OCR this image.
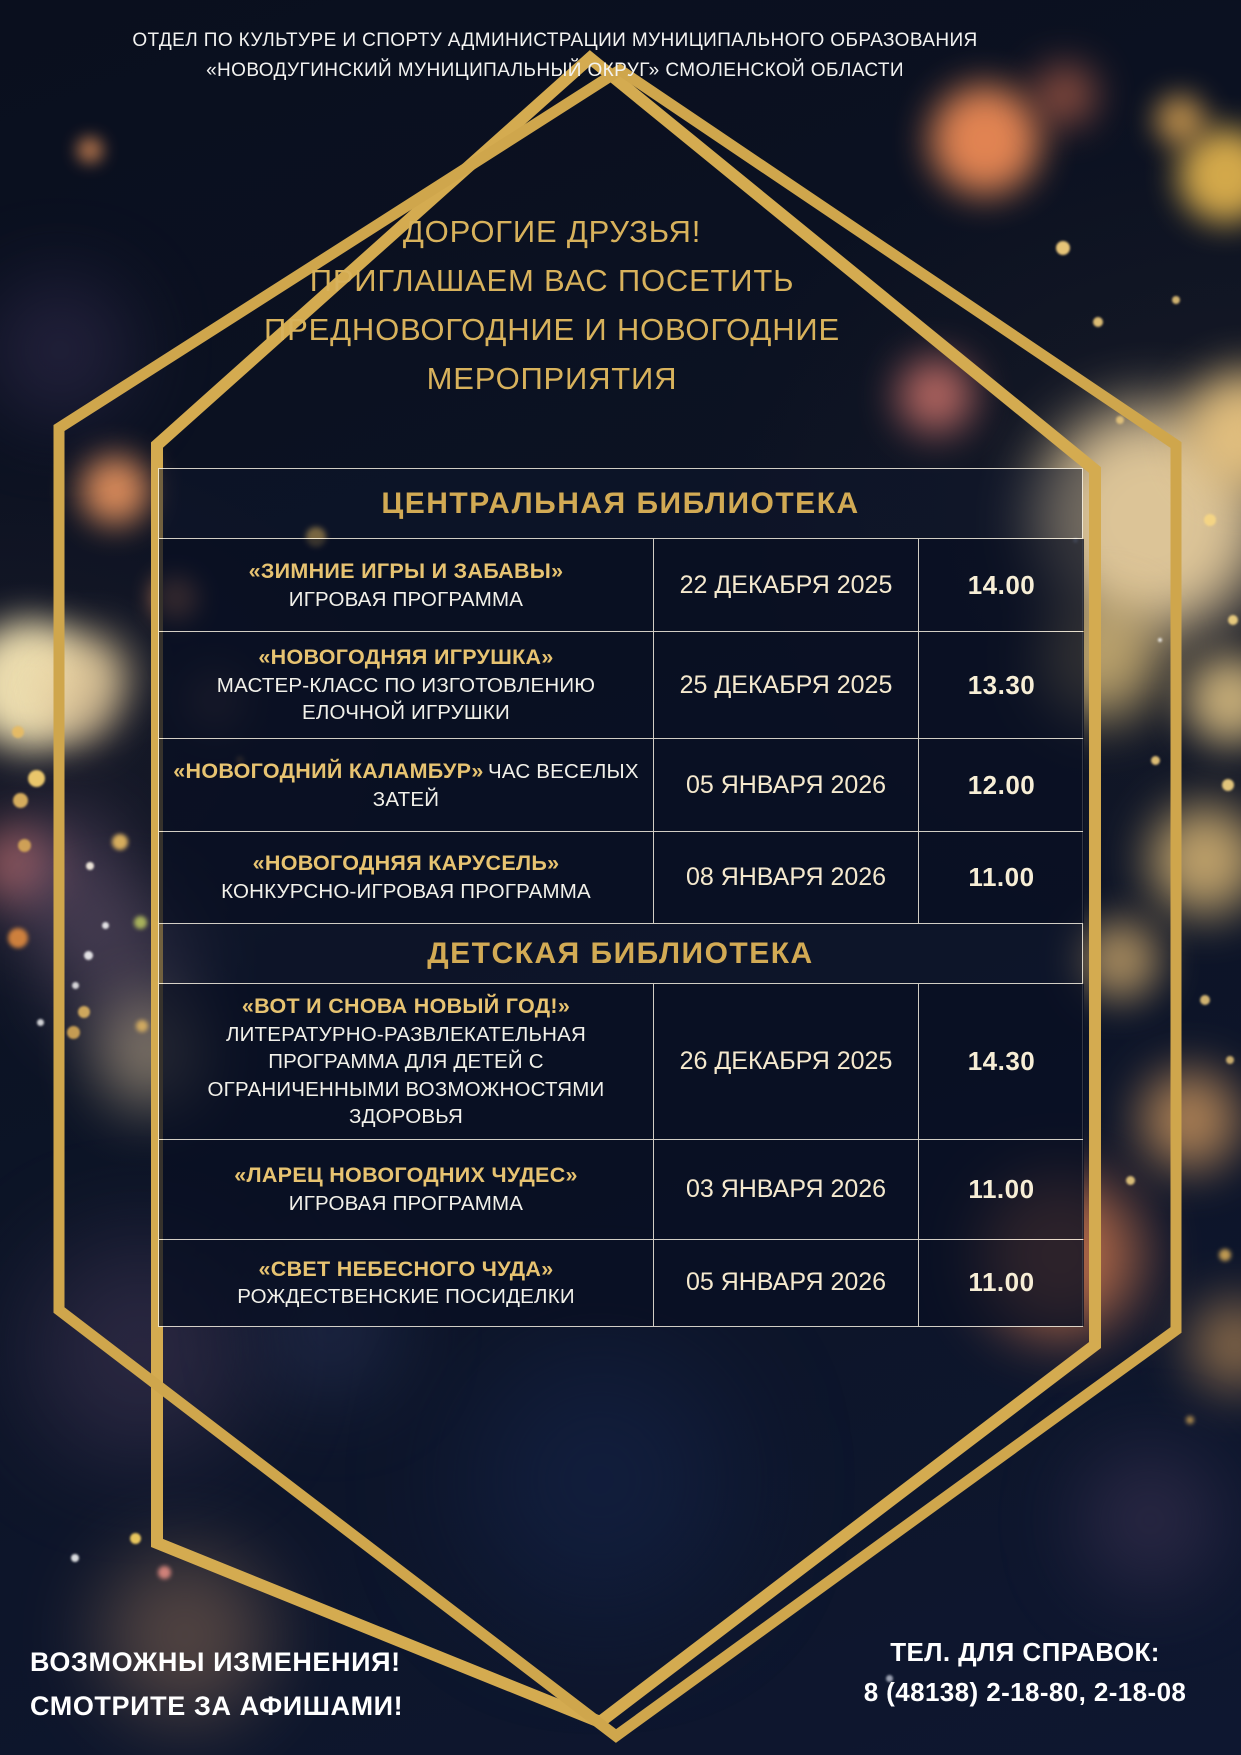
ОТДЕЛ ПО КУЛЬТУРЕ И СПОРТУ АДМИНИСТРАЦИИ МУНИЦИПАЛЬНОГО ОБРАЗОВАНИЯ
«НОВОДУГИНСКИЙ МУНИЦИПАЛЬНЫЙ ОКРУГ» СМОЛЕНСКОЙ ОБЛАСТИ
ДОРОГИЕ ДРУЗЬЯ!
ПРИГЛАШАЕМ ВАС ПОСЕТИТЬ
ПРЕДНОВОГОДНИЕ И НОВОГОДНИЕ
МЕРОПРИЯТИЯ
ЦЕНТРАЛЬНАЯ БИБЛИОТЕКА

«ЗИМНИЕ ИГРЫ И ЗАБАВЫ»
ИГРОВАЯ ПРОГРАММА

22 ДЕКАБРЯ 2025	14.00

«НОВОГОДНЯЯ ИГРУШКА»
МАСТЕР-КЛАСС ПО ИЗГОТОВЛЕНИЮ ЕЛОЧНОЙ ИГРУШКИ

25 ДЕКАБРЯ 2025	13.30

«НОВОГОДНИЙ КАЛАМБУР» ЧАС ВЕСЕЛЫХ ЗАТЕЙ

05 ЯНВАРЯ 2026	12.00

«НОВОГОДНЯЯ КАРУСЕЛЬ»
КОНКУРСНО-ИГРОВАЯ ПРОГРАММА

08 ЯНВАРЯ 2026	11.00
ДЕТСКАЯ БИБЛИОТЕКА

«ВОТ И СНОВА НОВЫЙ ГОД!»
ЛИТЕРАТУРНО-РАЗВЛЕКАТЕЛЬНАЯ ПРОГРАММА ДЛЯ ДЕТЕЙ С ОГРАНИЧЕННЫМИ ВОЗМОЖНОСТЯМИ ЗДОРОВЬЯ

26 ДЕКАБРЯ 2025	14.30

«ЛАРЕЦ НОВОГОДНИХ ЧУДЕС»
ИГРОВАЯ ПРОГРАММА

03 ЯНВАРЯ 2026	11.00

«СВЕТ НЕБЕСНОГО ЧУДА»
РОЖДЕСТВЕНСКИЕ ПОСИДЕЛКИ

05 ЯНВАРЯ 2026	11.00
ВОЗМОЖНЫ ИЗМЕНЕНИЯ!
СМОТРИТЕ ЗА АФИШАМИ!
ТЕЛ. ДЛЯ СПРАВОК:
8 (48138) 2-18-80, 2-18-08
